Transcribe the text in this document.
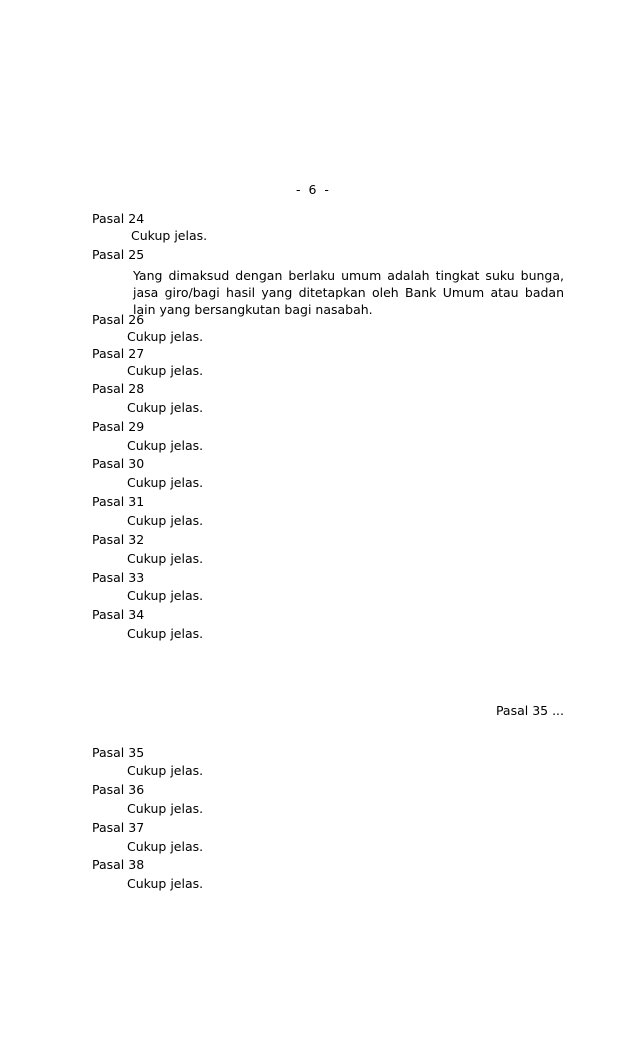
- 6 -
Pasal 24
Cukup jelas.
Pasal 25
Yang dimaksud dengan berlaku umum adalah tingkat suku bunga,
jasa giro/bagi hasil yang ditetapkan oleh Bank Umum atau badan
lain yang bersangkutan bagi nasabah.
Pasal 26
Cukup jelas.
Pasal 27
Cukup jelas.
Pasal 28
Cukup jelas.
Pasal 29
Cukup jelas.
Pasal 30
Cukup jelas.
Pasal 31
Cukup jelas.
Pasal 32
Cukup jelas.
Pasal 33
Cukup jelas.
Pasal 34
Cukup jelas.
Pasal 35 ...
Pasal 35
Cukup jelas.
Pasal 36
Cukup jelas.
Pasal 37
Cukup jelas.
Pasal 38
Cukup jelas.
